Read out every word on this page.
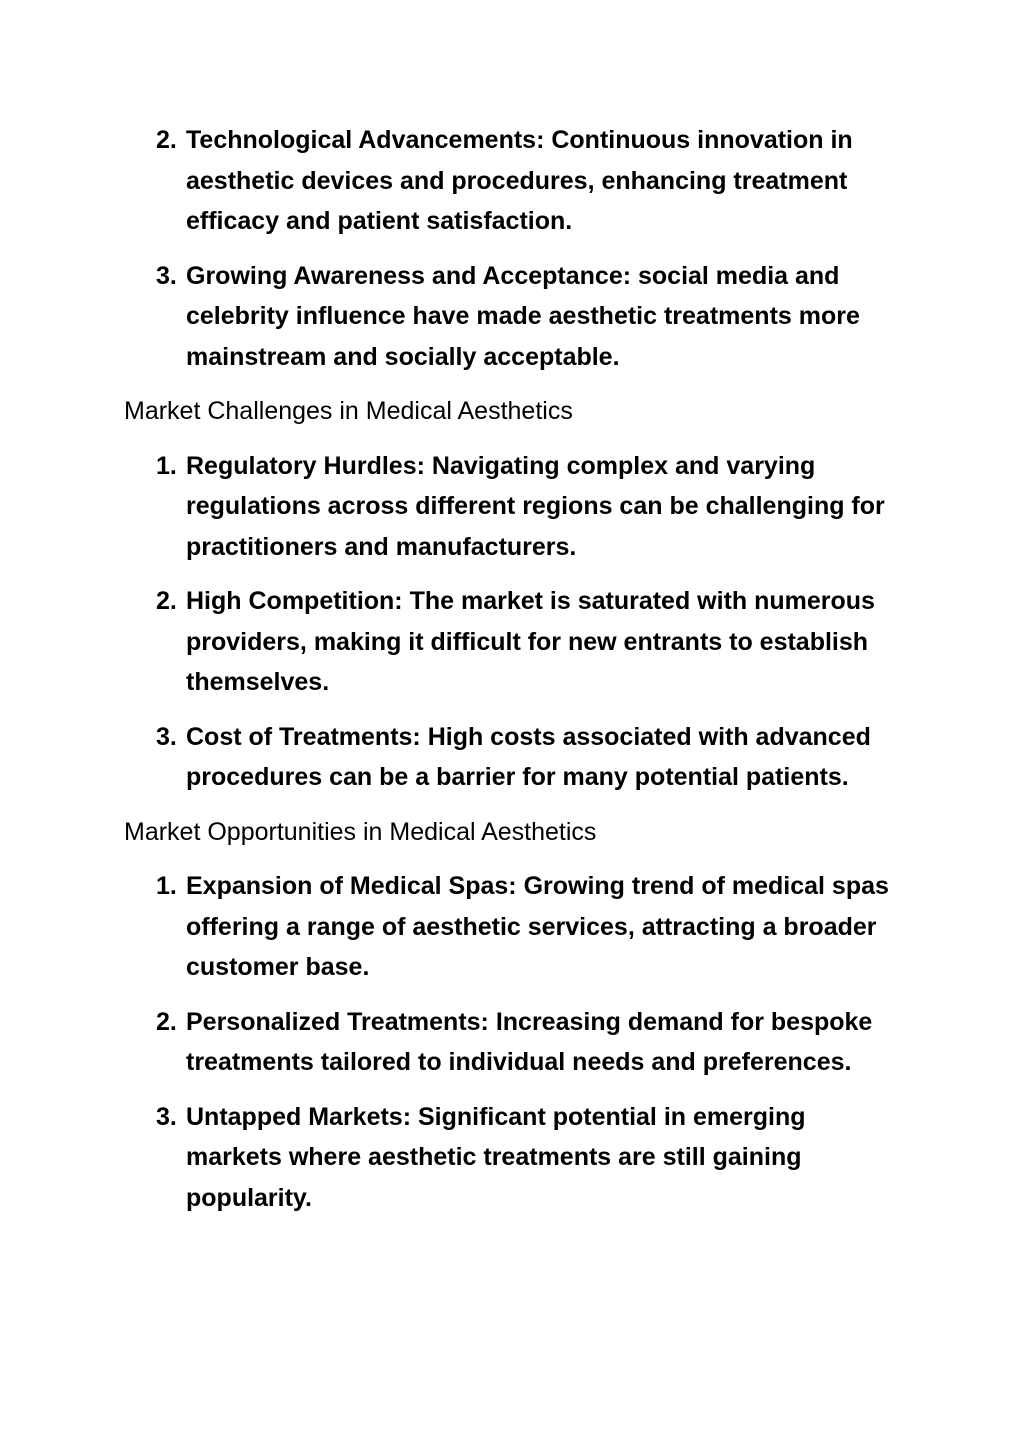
2. Technological Advancements: Continuous innovation in aesthetic devices and procedures, enhancing treatment efficacy and patient satisfaction.
3. Growing Awareness and Acceptance: social media and celebrity influence have made aesthetic treatments more mainstream and socially acceptable.

Market Challenges in Medical Aesthetics

1. Regulatory Hurdles: Navigating complex and varying regulations across different regions can be challenging for practitioners and manufacturers.
2. High Competition: The market is saturated with numerous providers, making it difficult for new entrants to establish themselves.
3. Cost of Treatments: High costs associated with advanced procedures can be a barrier for many potential patients.

Market Opportunities in Medical Aesthetics

1. Expansion of Medical Spas: Growing trend of medical spas offering a range of aesthetic services, attracting a broader customer base.
2. Personalized Treatments: Increasing demand for bespoke treatments tailored to individual needs and preferences.
3. Untapped Markets: Significant potential in emerging markets where aesthetic treatments are still gaining popularity.
